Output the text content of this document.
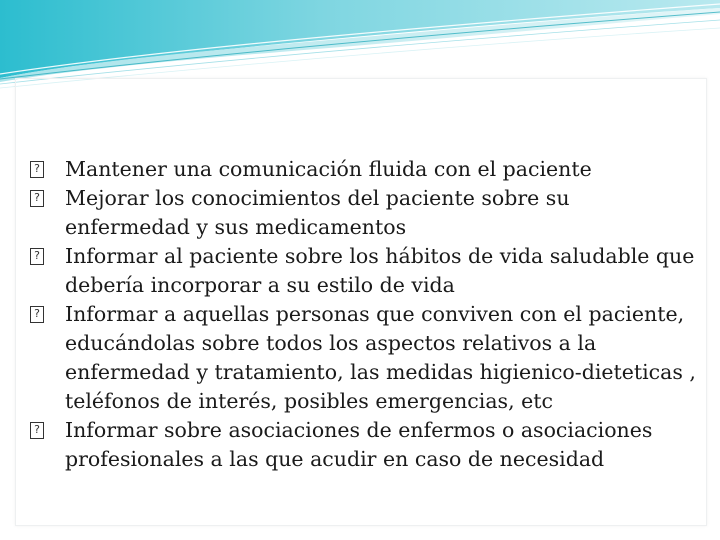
? Mantener una comunicación fluida con el paciente

? Mejorar los conocimientos del paciente sobre su enfermedad y sus medicamentos

? Informar al paciente sobre los hábitos de vida saludable que debería incorporar a su estilo de vida

? Informar a aquellas personas que conviven con el paciente, educándolas sobre todos los aspectos relativos a la enfermedad y tratamiento, las medidas higienico-dieteticas , teléfonos de interés, posibles emergencias, etc

? Informar sobre asociaciones de enfermos o asociaciones profesionales a las que acudir en caso de necesidad
